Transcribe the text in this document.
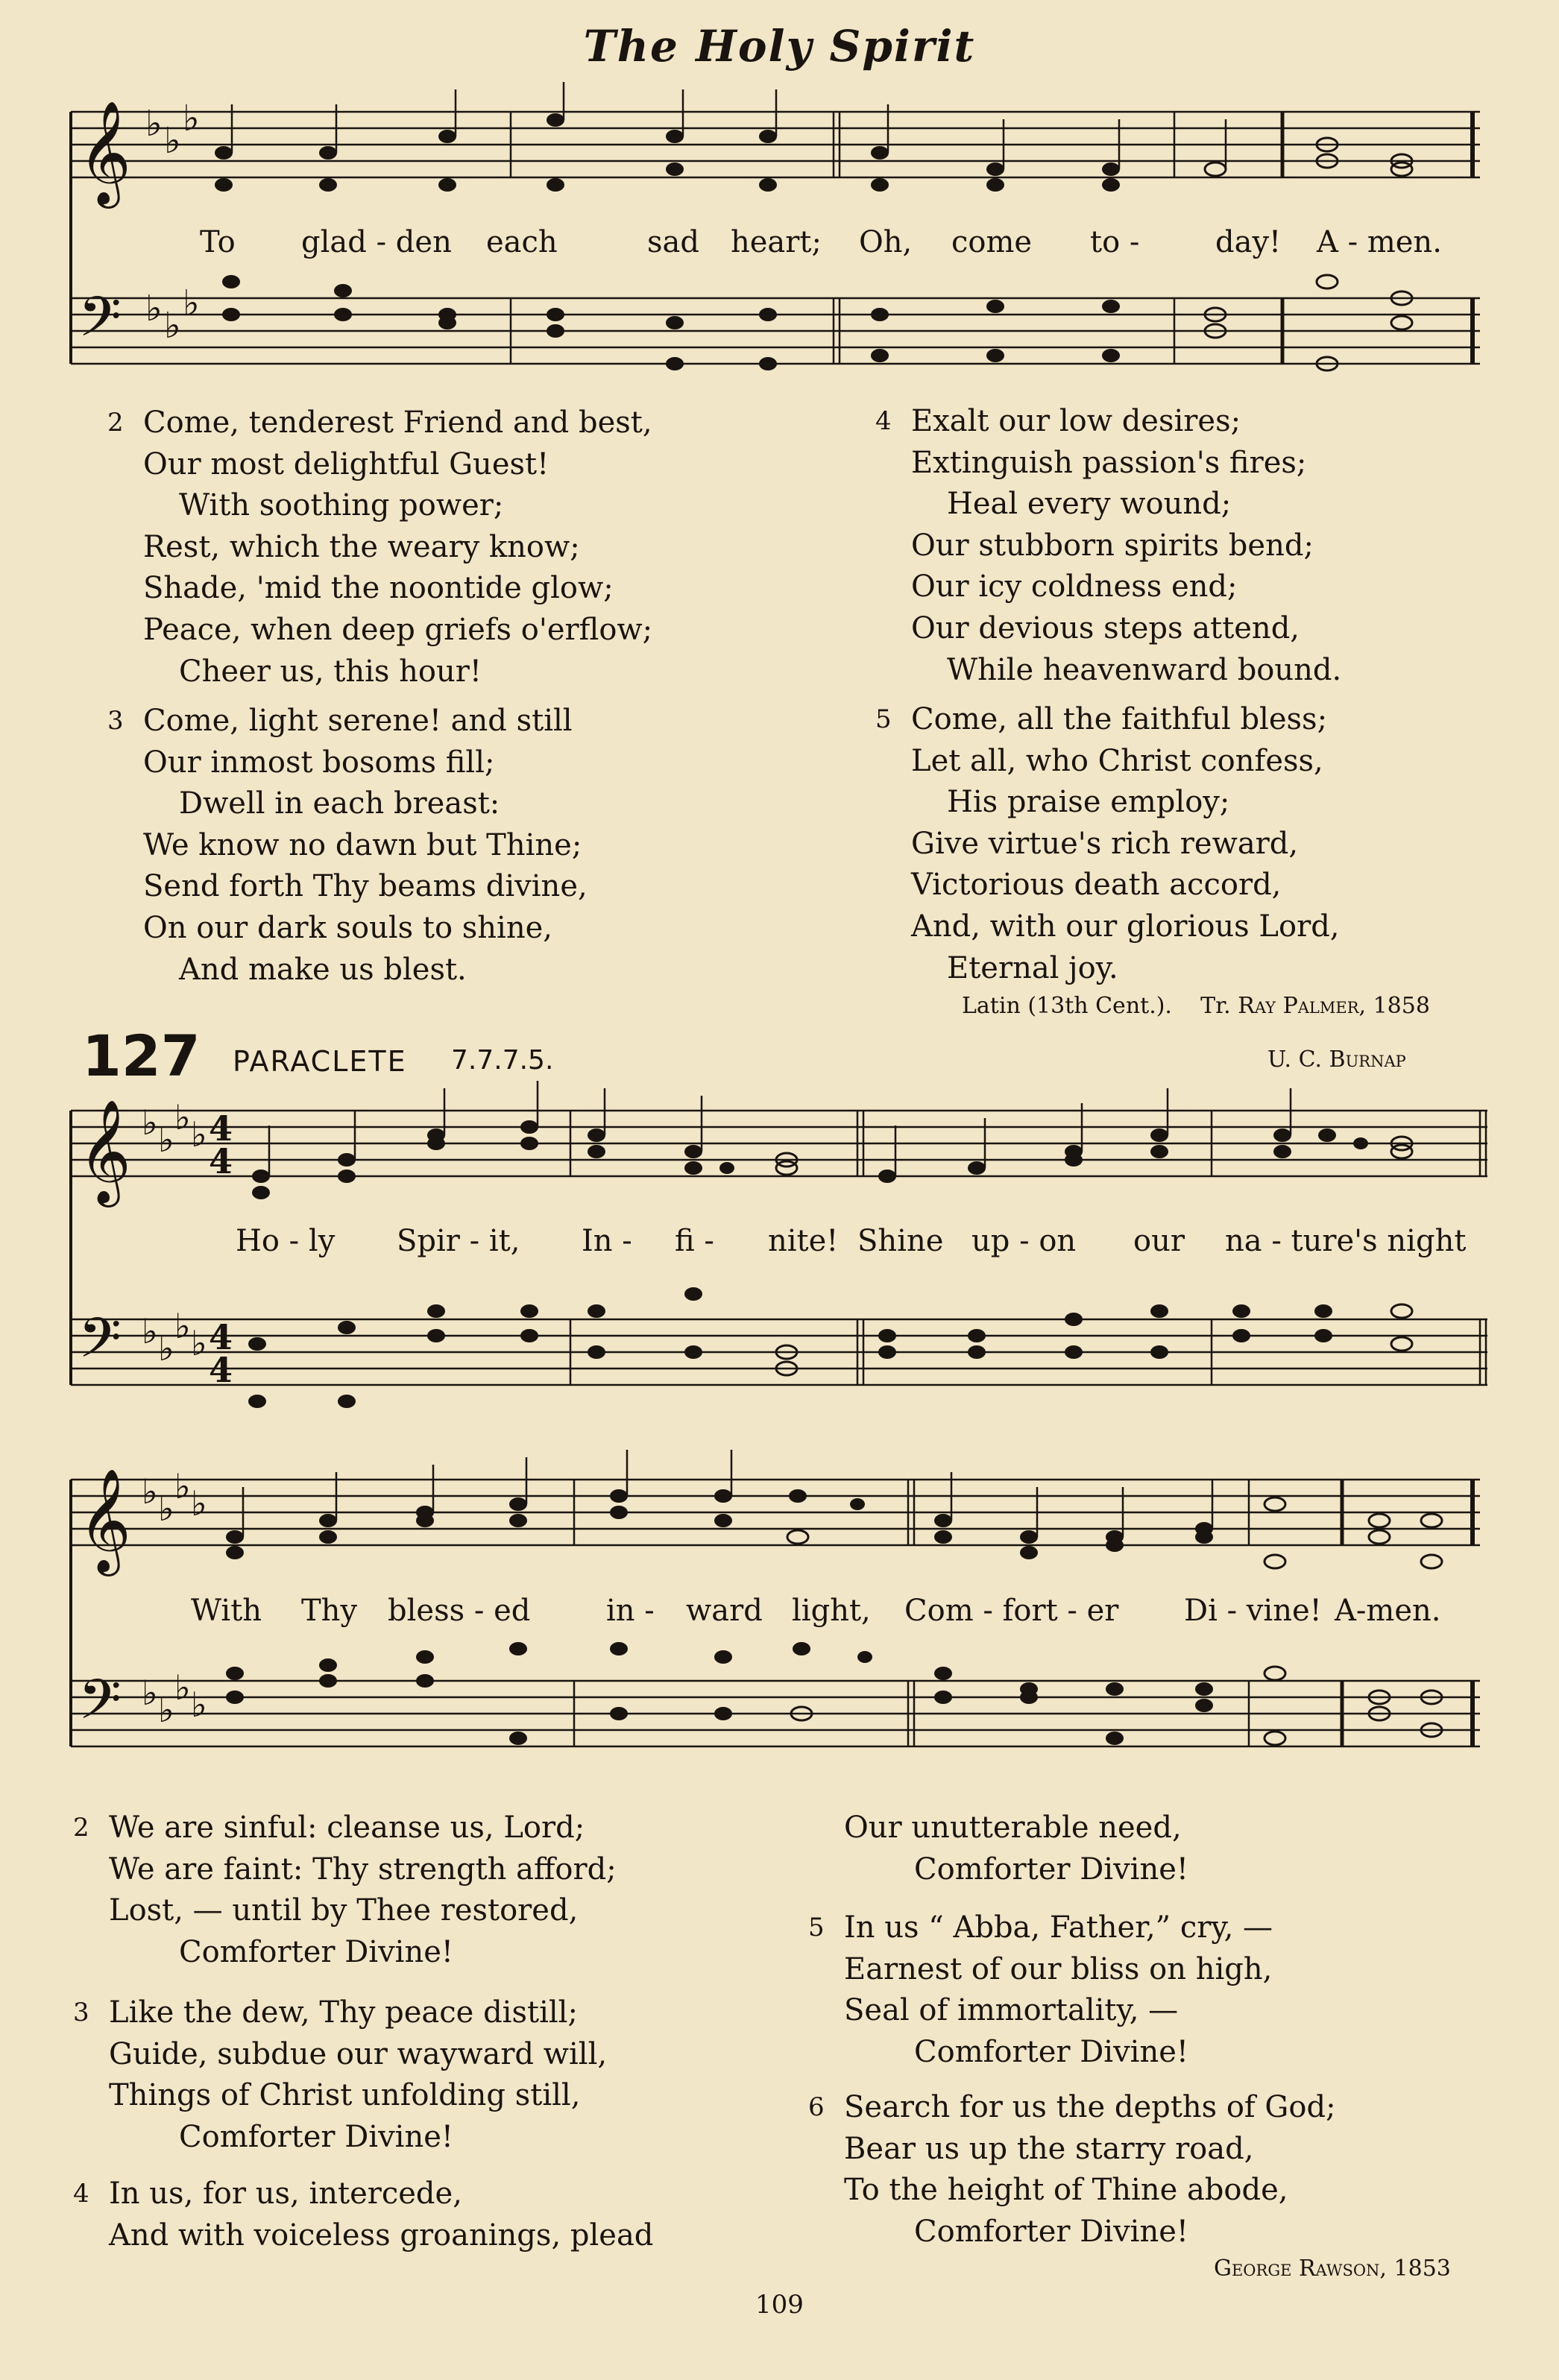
The Holy Spirit
𝄞
𝄢
♭ ♭
♭
♭ ♭
♭
To glad - den each	sad heart; Oh, come to -	day! A - men.
2 Come, tenderest Friend and best,
Our most delightful Guest!
With soothing power;
Rest, which the weary know;
Shade, 'mid the noontide glow;
Peace, when deep griefs o'erflow;
Cheer us, this hour!
3 Come, light serene! and still
Our inmost bosoms fill;
Dwell in each breast:
We know no dawn but Thine;
Send forth Thy beams divine,
On our dark souls to shine,
And make us blest.
4 Exalt our low desires;
Extinguish passion's fires;
Heal every wound;
Our stubborn spirits bend;
Our icy coldness end;
Our devious steps attend,
While heavenward bound.
5 Come, all the faithful bless;
Let all, who Christ confess,
His praise employ;
Give virtue's rich reward,
Victorious death accord,
And, with our glorious Lord,
Eternal joy.
Latin (13th Cent.). Tr. Ray Palmer, 1858
127 PARACLETE 7.7.7.5.	U. C. Burnap
𝄞
𝄢
♭ ♭
♭ ♭
♭ ♭
♭ ♭
4
4
4
4
Ho - ly Spir - it, In - fi - nite! Shine up - on our na - ture's night
𝄞
𝄢
♭ ♭
♭ ♭
♭ ♭
♭ ♭
With Thy bless - ed	in - ward light, Com - fort - er Di - vine! A-men.
2 We are sinful: cleanse us, Lord;
We are faint: Thy strength afford;
Lost, — until by Thee restored,
Comforter Divine!
3 Like the dew, Thy peace distill;
Guide, subdue our wayward will,
Things of Christ unfolding still,
Comforter Divine!
4 In us, for us, intercede,
And with voiceless groanings, plead
Our unutterable need,
Comforter Divine!
5 In us “ Abba, Father,” cry, —
Earnest of our bliss on high,
Seal of immortality, —
Comforter Divine!
6 Search for us the depths of God;
Bear us up the starry road,
To the height of Thine abode,
Comforter Divine!
George Rawson, 1853
109
